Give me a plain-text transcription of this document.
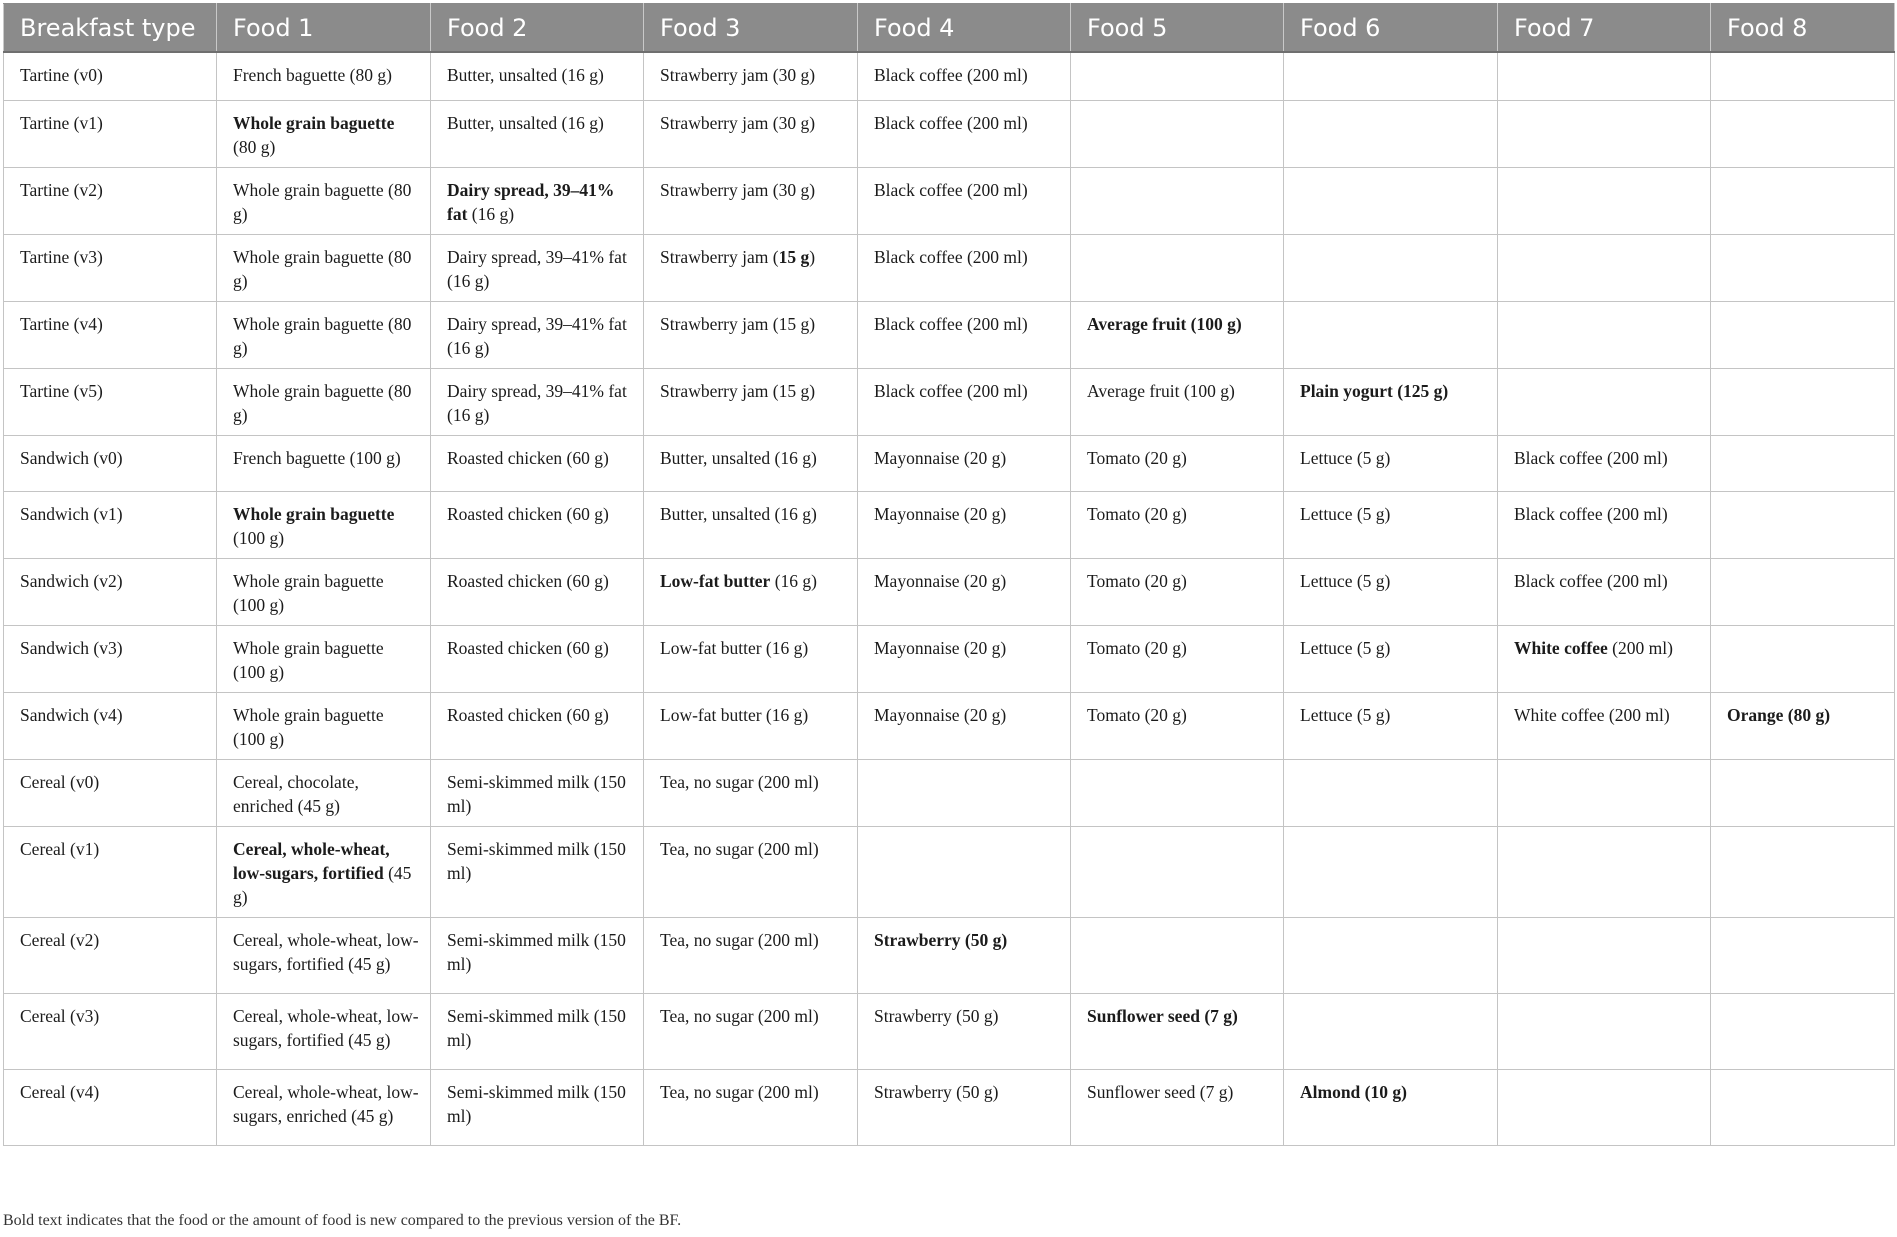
Breakfast type	Food 1	Food 2	Food 3	Food 4	Food 5	Food 6	Food 7	Food 8
Tartine (v0)	French baguette (80 g)	Butter, unsalted (16 g)	Strawberry jam (30 g)	Black coffee (200 ml)				
Tartine (v1)	Whole grain baguette (80 g)	Butter, unsalted (16 g)	Strawberry jam (30 g)	Black coffee (200 ml)				
Tartine (v2)	Whole grain baguette (80 g)	Dairy spread, 39–41% fat (16 g)	Strawberry jam (30 g)	Black coffee (200 ml)				
Tartine (v3)	Whole grain baguette (80 g)	Dairy spread, 39–41% fat (16 g)	Strawberry jam (15 g)	Black coffee (200 ml)				
Tartine (v4)	Whole grain baguette (80 g)	Dairy spread, 39–41% fat (16 g)	Strawberry jam (15 g)	Black coffee (200 ml)	Average fruit (100 g)			
Tartine (v5)	Whole grain baguette (80 g)	Dairy spread, 39–41% fat (16 g)	Strawberry jam (15 g)	Black coffee (200 ml)	Average fruit (100 g)	Plain yogurt (125 g)		
Sandwich (v0)	French baguette (100 g)	Roasted chicken (60 g)	Butter, unsalted (16 g)	Mayonnaise (20 g)	Tomato (20 g)	Lettuce (5 g)	Black coffee (200 ml)	
Sandwich (v1)	Whole grain baguette (100 g)	Roasted chicken (60 g)	Butter, unsalted (16 g)	Mayonnaise (20 g)	Tomato (20 g)	Lettuce (5 g)	Black coffee (200 ml)	
Sandwich (v2)	Whole grain baguette (100 g)	Roasted chicken (60 g)	Low-fat butter (16 g)	Mayonnaise (20 g)	Tomato (20 g)	Lettuce (5 g)	Black coffee (200 ml)	
Sandwich (v3)	Whole grain baguette (100 g)	Roasted chicken (60 g)	Low-fat butter (16 g)	Mayonnaise (20 g)	Tomato (20 g)	Lettuce (5 g)	White coffee (200 ml)	
Sandwich (v4)	Whole grain baguette (100 g)	Roasted chicken (60 g)	Low-fat butter (16 g)	Mayonnaise (20 g)	Tomato (20 g)	Lettuce (5 g)	White coffee (200 ml)	Orange (80 g)
Cereal (v0)	Cereal, chocolate, enriched (45 g)	Semi-skimmed milk (150 ml)	Tea, no sugar (200 ml)					
Cereal (v1)	Cereal, whole-wheat, low-sugars, fortified (45 g)	Semi-skimmed milk (150 ml)	Tea, no sugar (200 ml)					
Cereal (v2)	Cereal, whole-wheat, low-sugars, fortified (45 g)	Semi-skimmed milk (150 ml)	Tea, no sugar (200 ml)	Strawberry (50 g)				
Cereal (v3)	Cereal, whole-wheat, low-sugars, fortified (45 g)	Semi-skimmed milk (150 ml)	Tea, no sugar (200 ml)	Strawberry (50 g)	Sunflower seed (7 g)			
Cereal (v4)	Cereal, whole-wheat, low-sugars, enriched (45 g)	Semi-skimmed milk (150 ml)	Tea, no sugar (200 ml)	Strawberry (50 g)	Sunflower seed (7 g)	Almond (10 g)		
Bold text indicates that the food or the amount of food is new compared to the previous version of the BF.
